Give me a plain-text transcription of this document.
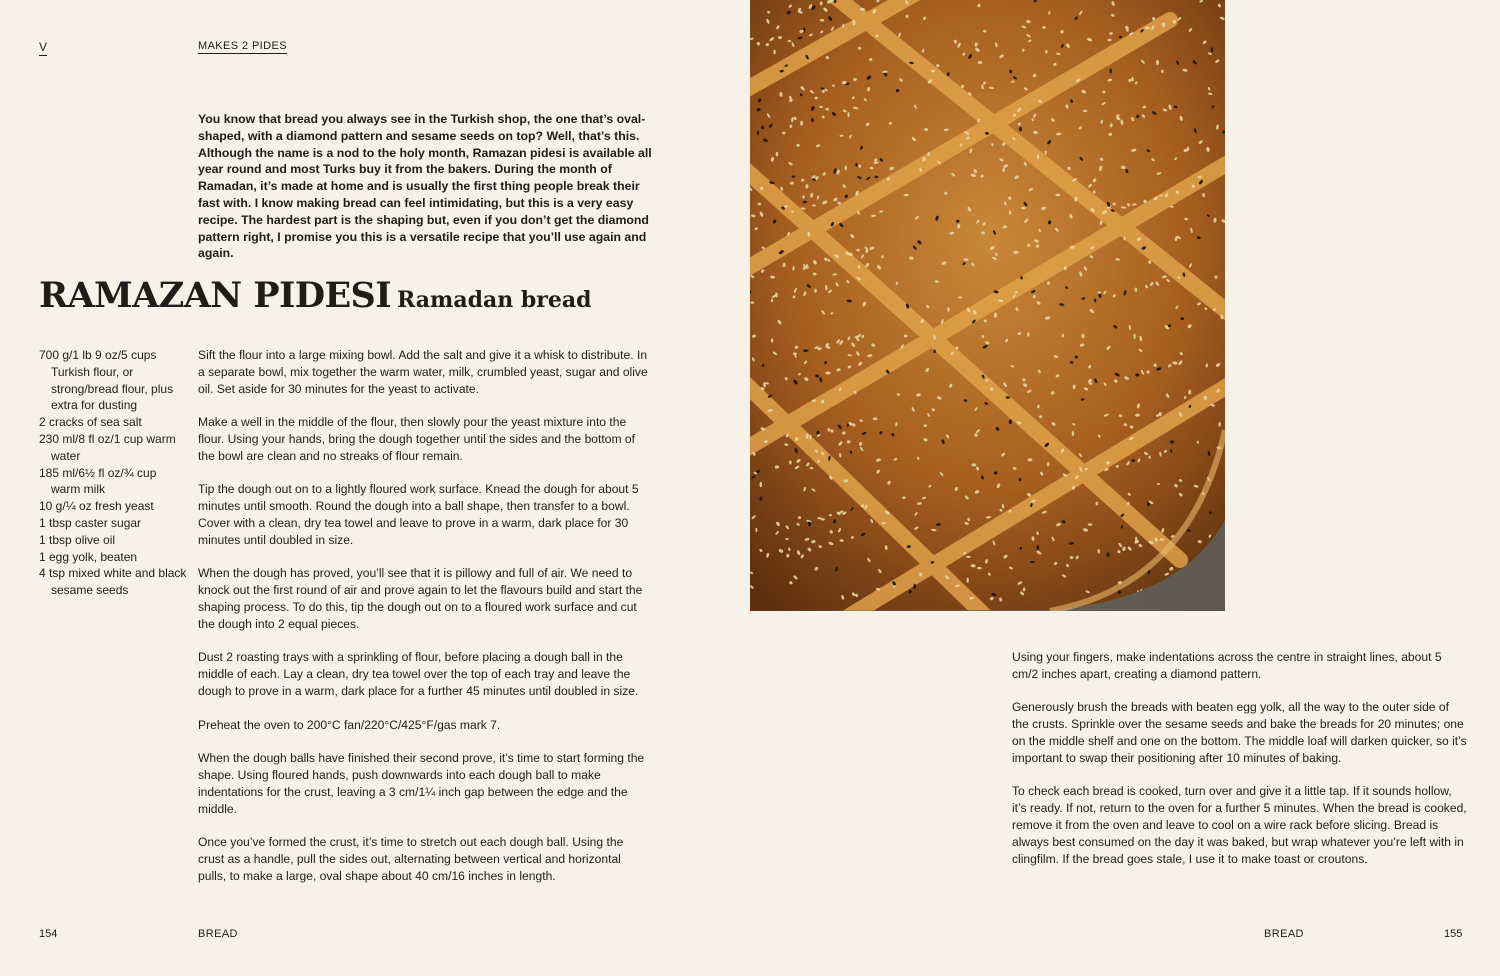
V	MAKES 2 PIDES

You know that bread you always see in the Turkish shop, the one that’s oval-shaped, with a diamond pattern and sesame seeds on top? Well, that’s this. Although the name is a nod to the holy month, Ramazan pidesi is available all year round and most Turks buy it from the bakers. During the month of Ramadan, it’s made at home and is usually the first thing people break their fast with. I know making bread can feel intimidating, but this is a very easy recipe. The hardest part is the shaping but, even if you don’t get the diamond pattern right, I promise you this is a versatile recipe that you’ll use again and again.

RAMAZAN PIDESI Ramadan bread
700 g/1 lb 9 oz/5 cups Turkish flour, or strong/bread flour, plus extra for dusting
2 cracks of sea salt
230 ml/8 fl oz/1 cup warm water
185 ml/6½ fl oz/¾ cup warm milk
10 g/¼ oz fresh yeast
1 tbsp caster sugar
1 tbsp olive oil
1 egg yolk, beaten
4 tsp mixed white and black sesame seeds

Sift the flour into a large mixing bowl. Add the salt and give it a whisk to distribute. In a separate bowl, mix together the warm water, milk, crumbled yeast, sugar and olive oil. Set aside for 30 minutes for the yeast to activate.

Make a well in the middle of the flour, then slowly pour the yeast mixture into the flour. Using your hands, bring the dough together until the sides and the bottom of the bowl are clean and no streaks of flour remain.

Tip the dough out on to a lightly floured work surface. Knead the dough for about 5 minutes until smooth. Round the dough into a ball shape, then transfer to a bowl. Cover with a clean, dry tea towel and leave to prove in a warm, dark place for 30 minutes until doubled in size.

When the dough has proved, you’ll see that it is pillowy and full of air. We need to knock out the first round of air and prove again to let the flavours build and start the shaping process. To do this, tip the dough out on to a floured work surface and cut the dough into 2 equal pieces.

Dust 2 roasting trays with a sprinkling of flour, before placing a dough ball in the middle of each. Lay a clean, dry tea towel over the top of each tray and leave the dough to prove in a warm, dark place for a further 45 minutes until doubled in size.

Preheat the oven to 200°C fan/220°C/425°F/gas mark 7.

When the dough balls have finished their second prove, it’s time to start forming the shape. Using floured hands, push downwards into each dough ball to make indentations for the crust, leaving a 3 cm/1¼ inch gap between the edge and the middle.

Once you’ve formed the crust, it’s time to stretch out each dough ball. Using the crust as a handle, pull the sides out, alternating between vertical and horizontal pulls, to make a large, oval shape about 40 cm/16 inches in length.

Using your fingers, make indentations across the centre in straight lines, about 5 cm/2 inches apart, creating a diamond pattern.

Generously brush the breads with beaten egg yolk, all the way to the outer side of the crusts. Sprinkle over the sesame seeds and bake the breads for 20 minutes; one on the middle shelf and one on the bottom. The middle loaf will darken quicker, so it’s important to swap their positioning after 10 minutes of baking.

To check each bread is cooked, turn over and give it a little tap. If it sounds hollow, it’s ready. If not, return to the oven for a further 5 minutes. When the bread is cooked, remove it from the oven and leave to cool on a wire rack before slicing. Bread is always best consumed on the day it was baked, but wrap whatever you’re left with in clingfilm. If the bread goes stale, I use it to make toast or croutons.

154	BREAD	BREAD	155
